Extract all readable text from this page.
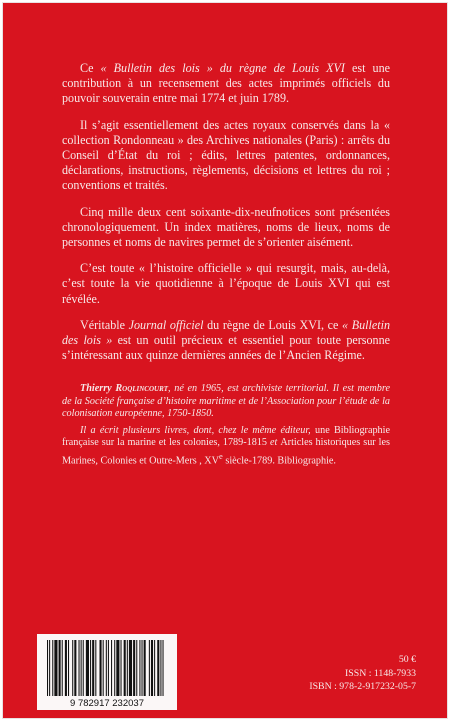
Ce « Bulletin des lois » du règne de Louis XVI est une contribution à un recensement des actes imprimés officiels du pouvoir souverain entre mai 1774 et juin 1789.

Il s’agit essentiellement des actes royaux conservés dans la « collection Rondonneau » des Archives nationales (Paris) : arrêts du Conseil d’État du roi ; édits, lettres patentes, ordonnances, déclarations, instructions, règlements, décisions et lettres du roi ; conventions et traités.

Cinq mille deux cent soixante-dix-neufnotices sont présentées chronologiquement. Un index matières, noms de lieux, noms de personnes et noms de navires permet de s’orienter aisément.

C’est toute « l’histoire officielle » qui resurgit, mais, au-delà, c’est toute la vie quotidienne à l’époque de Louis XVI qui est révélée.

Véritable Journal officiel du règne de Louis XVI, ce « Bulletin des lois » est un outil précieux et essentiel pour toute personne s’intéressant aux quinze dernières années de l’Ancien Régime.

Thierry Roqlincourt, né en 1965, est archiviste territorial. Il est membre de la Société française d’histoire maritime et de l’Association pour l’étude de la colonisation européenne, 1750-1850.

Il a écrit plusieurs livres, dont, chez le même éditeur, une Bibliographie française sur la marine et les colonies, 1789-1815 et Articles historiques sur les Marines, Colonies et Outre-Mers , XVe siècle-1789. Bibliographie.

9 782917 232037
50 €
ISSN : 1148-7933
ISBN : 978-2-917232-05-7
